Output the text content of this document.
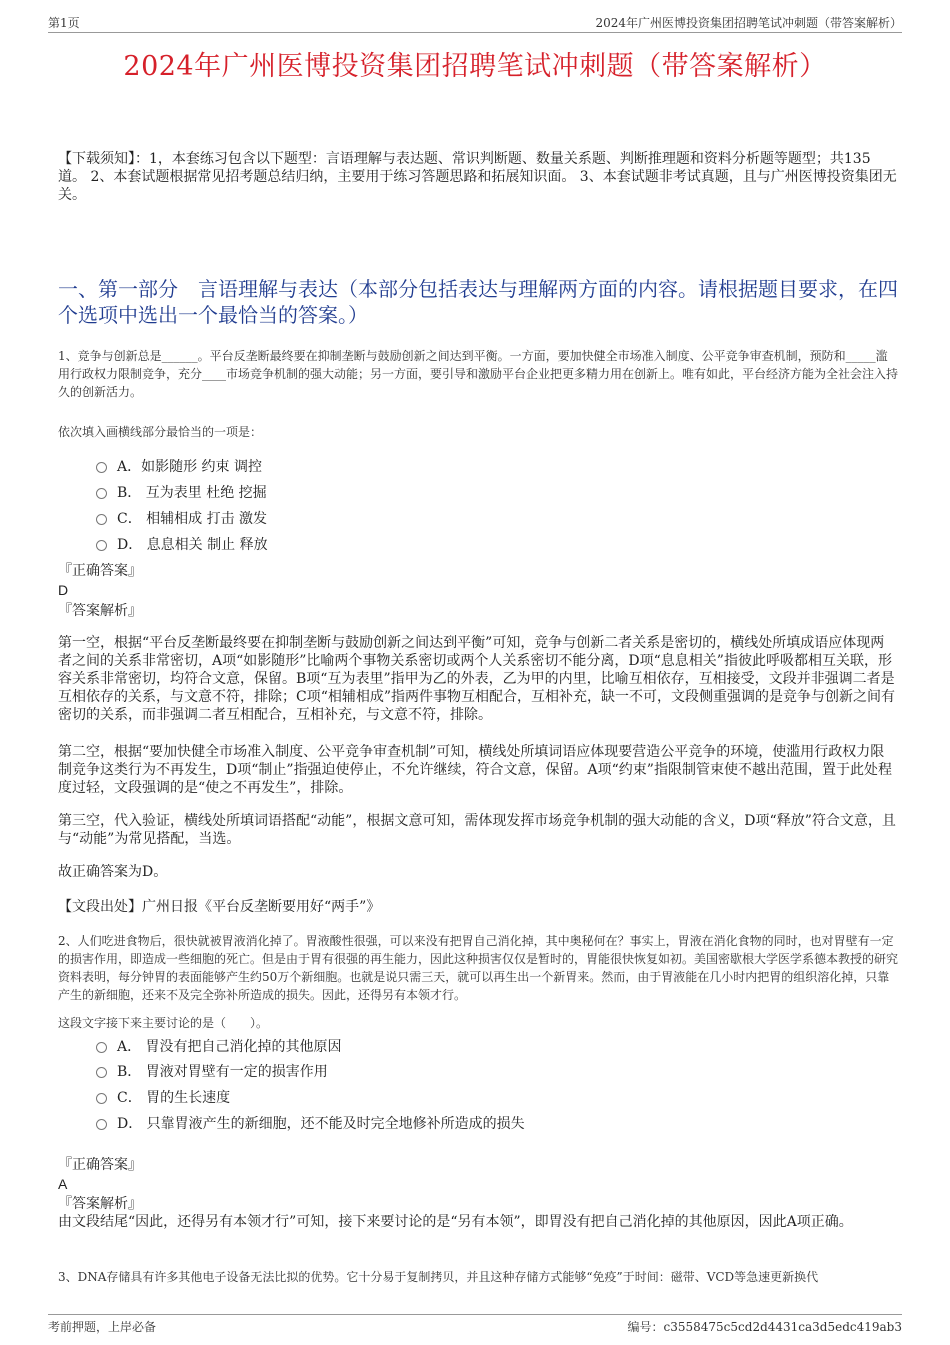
第1页	2024年广州医博投资集团招聘笔试冲刺题（带答案解析）
2024年广州医博投资集团招聘笔试冲刺题（带答案解析）
【下载须知】：1，本套练习包含以下题型：言语理解与表达题、常识判断题、数量关系题、判断推理题和资料分析题等题型；共135道。 2、本套试题根据常见招考题总结归纳，主要用于练习答题思路和拓展知识面。 3、本套试题非考试真题，且与广州医博投资集团无关。
一、第一部分　言语理解与表达（本部分包括表达与理解两方面的内容。请根据题目要求，在四个选项中选出一个最恰当的答案。）
1、竞争与创新总是______。平台反垄断最终要在抑制垄断与鼓励创新之间达到平衡。一方面，要加快健全市场准入制度、公平竞争审查机制，预防和_____滥用行政权力限制竞争，充分____市场竞争机制的强大动能；另一方面，要引导和激励平台企业把更多精力用在创新上。唯有如此，平台经济方能为全社会注入持久的创新活力。
依次填入画横线部分最恰当的一项是：
A．如影随形 约束 调控
B． 互为表里 杜绝 挖掘
C． 相辅相成 打击 激发
D． 息息相关 制止 释放
『正确答案』
D
『答案解析』
第一空，根据“平台反垄断最终要在抑制垄断与鼓励创新之间达到平衡”可知，竞争与创新二者关系是密切的，横线处所填成语应体现两者之间的关系非常密切，A项“如影随形”比喻两个事物关系密切或两个人关系密切不能分离，D项“息息相关”指彼此呼吸都相互关联，形容关系非常密切，均符合文意，保留。B项“互为表里”指甲为乙的外表，乙为甲的内里，比喻互相依存，互相接受，文段并非强调二者是互相依存的关系，与文意不符，排除；C项“相辅相成”指两件事物互相配合，互相补充，缺一不可，文段侧重强调的是竞争与创新之间有密切的关系，而非强调二者互相配合，互相补充，与文意不符，排除。
第二空，根据“要加快健全市场准入制度、公平竞争审查机制”可知，横线处所填词语应体现要营造公平竞争的环境，使滥用行政权力限制竞争这类行为不再发生，D项“制止”指强迫使停止，不允许继续，符合文意，保留。A项“约束”指限制管束使不越出范围，置于此处程度过轻，文段强调的是“使之不再发生”，排除。
第三空，代入验证，横线处所填词语搭配“动能”，根据文意可知，需体现发挥市场竞争机制的强大动能的含义，D项“释放”符合文意，且与“动能”为常见搭配，当选。
故正确答案为D。
【文段出处】广州日报《平台反垄断要用好“两手”》
2、人们吃进食物后，很快就被胃液消化掉了。胃液酸性很强，可以来没有把胃自己消化掉，其中奥秘何在？事实上，胃液在消化食物的同时，也对胃壁有一定的损害作用，即造成一些细胞的死亡。但是由于胃有很强的再生能力，因此这种损害仅仅是暂时的，胃能很快恢复如初。美国密歇根大学医学系德本教授的研究资料表明，每分钟胃的表面能够产生约50万个新细胞。也就是说只需三天，就可以再生出一个新胃来。然而，由于胃液能在几小时内把胃的组织溶化掉，只靠产生的新细胞，还来不及完全弥补所造成的损失。因此，还得另有本领才行。
这段文字接下来主要讨论的是（　　）。
A． 胃没有把自己消化掉的其他原因
B． 胃液对胃壁有一定的损害作用
C． 胃的生长速度
D． 只靠胃液产生的新细胞，还不能及时完全地修补所造成的损失
『正确答案』
A
『答案解析』
由文段结尾“因此，还得另有本领才行”可知，接下来要讨论的是“另有本领”，即胃没有把自己消化掉的其他原因，因此A项正确。
3、DNA存储具有许多其他电子设备无法比拟的优势。它十分易于复制拷贝，并且这种存储方式能够“免疫”于时间：磁带、VCD等急速更新换代
考前押题，上岸必备	编号：c3558475c5cd2d4431ca3d5edc419ab3
